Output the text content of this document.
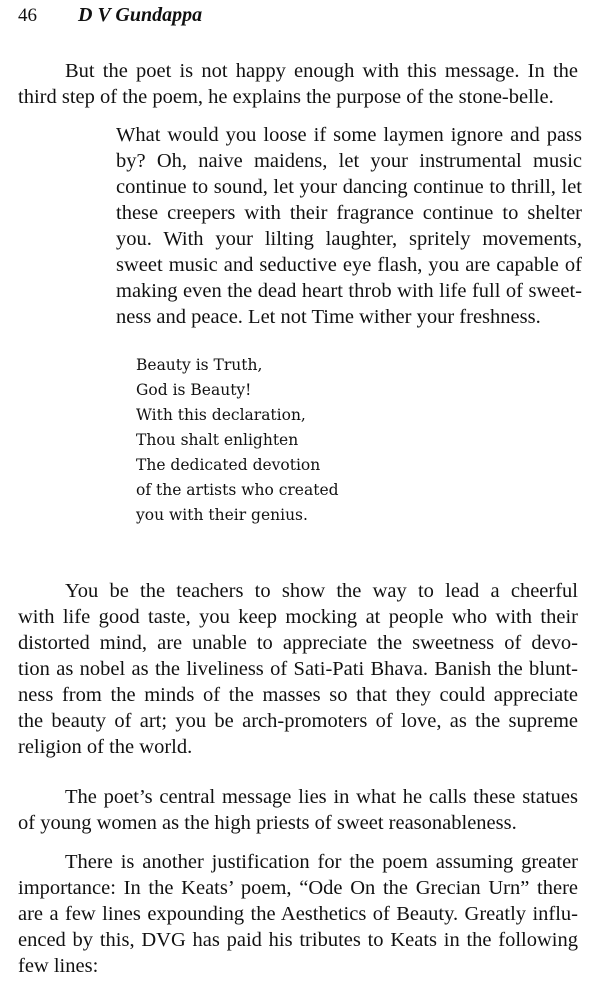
46 D V Gundappa
But the poet is not happy enough with this message. In the
third step of the poem, he explains the purpose of the stone-belle.
What would you loose if some laymen ignore and pass
by? Oh, naive maidens, let your instrumental music
continue to sound, let your dancing continue to thrill, let
these creepers with their fragrance continue to shelter
you. With your lilting laughter, spritely movements,
sweet music and seductive eye flash, you are capable of
making even the dead heart throb with life full of sweet-
ness and peace. Let not Time wither your freshness.
Beauty is Truth,
God is Beauty!
With this declaration,
Thou shalt enlighten
The dedicated devotion
of the artists who created
you with their genius.
You be the teachers to show the way to lead a cheerful
with life good taste, you keep mocking at people who with their
distorted mind, are unable to appreciate the sweetness of devo-
tion as nobel as the liveliness of Sati-Pati Bhava. Banish the blunt-
ness from the minds of the masses so that they could appreciate
the beauty of art; you be arch-promoters of love, as the supreme
religion of the world.
The poet’s central message lies in what he calls these statues
of young women as the high priests of sweet reasonableness.
There is another justification for the poem assuming greater
importance: In the Keats’ poem, “Ode On the Grecian Urn” there
are a few lines expounding the Aesthetics of Beauty. Greatly influ-
enced by this, DVG has paid his tributes to Keats in the following
few lines:
